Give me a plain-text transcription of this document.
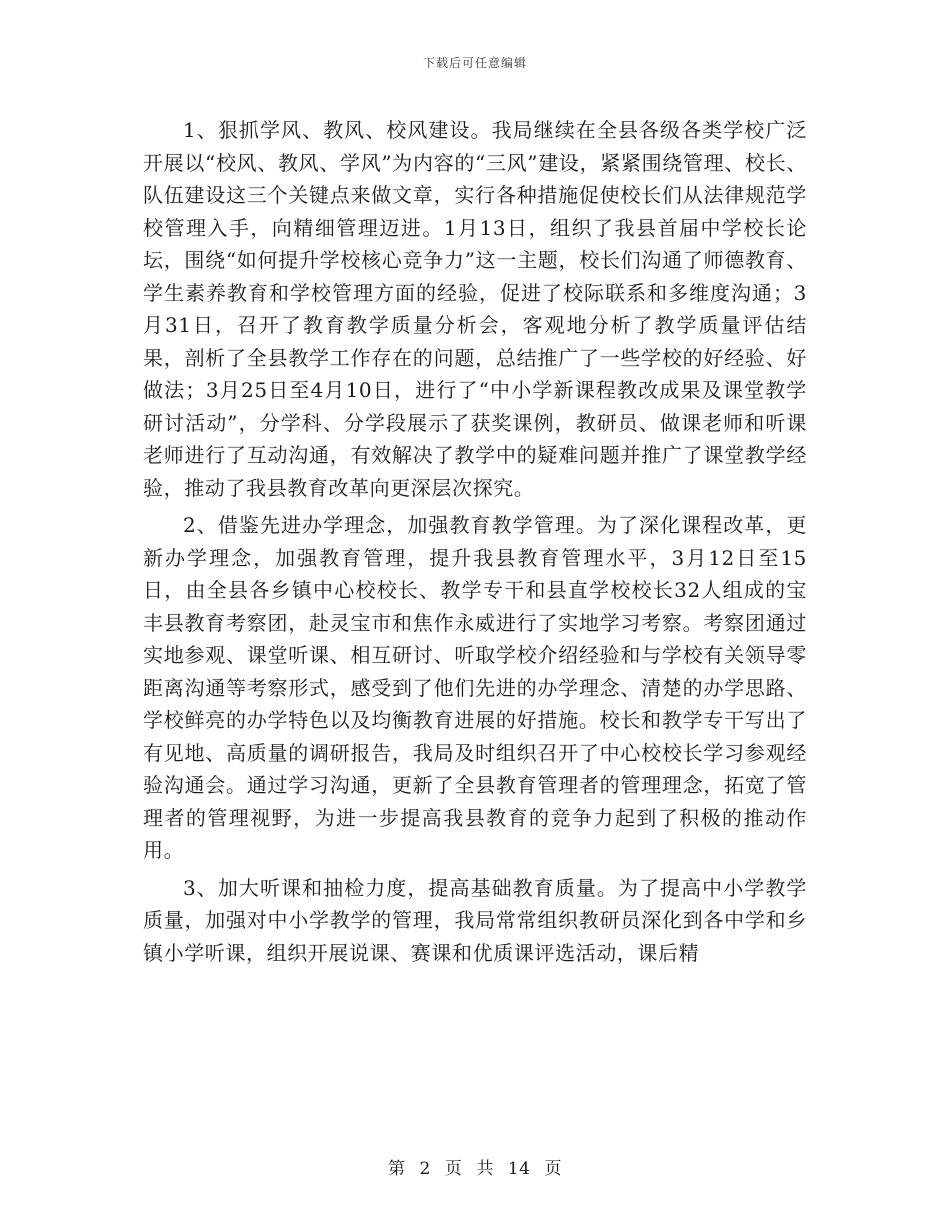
下载后可任意编辑

1、狠抓学风、教风、校风建设。我局继续在全县各级各类学校广泛开展以“校风、教风、学风”为内容的“三风”建设，紧紧围绕管理、校长、队伍建设这三个关键点来做文章，实行各种措施促使校长们从法律规范学校管理入手，向精细管理迈进。1月13日，组织了我县首届中学校长论坛，围绕“如何提升学校核心竞争力”这一主题，校长们沟通了师德教育、学生素养教育和学校管理方面的经验，促进了校际联系和多维度沟通；3月31日，召开了教育教学质量分析会，客观地分析了教学质量评估结果，剖析了全县教学工作存在的问题，总结推广了一些学校的好经验、好做法；3月25日至4月10日，进行了“中小学新课程教改成果及课堂教学研讨活动”，分学科、分学段展示了获奖课例，教研员、做课老师和听课老师进行了互动沟通，有效解决了教学中的疑难问题并推广了课堂教学经验，推动了我县教育改革向更深层次探究。

2、借鉴先进办学理念，加强教育教学管理。为了深化课程改革，更新办学理念，加强教育管理，提升我县教育管理水平，3月12日至15日，由全县各乡镇中心校校长、教学专干和县直学校校长32人组成的宝丰县教育考察团，赴灵宝市和焦作永威进行了实地学习考察。考察团通过实地参观、课堂听课、相互研讨、听取学校介绍经验和与学校有关领导零距离沟通等考察形式，感受到了他们先进的办学理念、清楚的办学思路、学校鲜亮的办学特色以及均衡教育进展的好措施。校长和教学专干写出了有见地、高质量的调研报告，我局及时组织召开了中心校校长学习参观经验沟通会。通过学习沟通，更新了全县教育管理者的管理理念，拓宽了管理者的管理视野，为进一步提高我县教育的竞争力起到了积极的推动作用。

3、加大听课和抽检力度，提高基础教育质量。为了提高中小学教学质量，加强对中小学教学的管理，我局常常组织教研员深化到各中学和乡镇小学听课，组织开展说课、赛课和优质课评选活动，课后精

第 2 页 共 14 页
